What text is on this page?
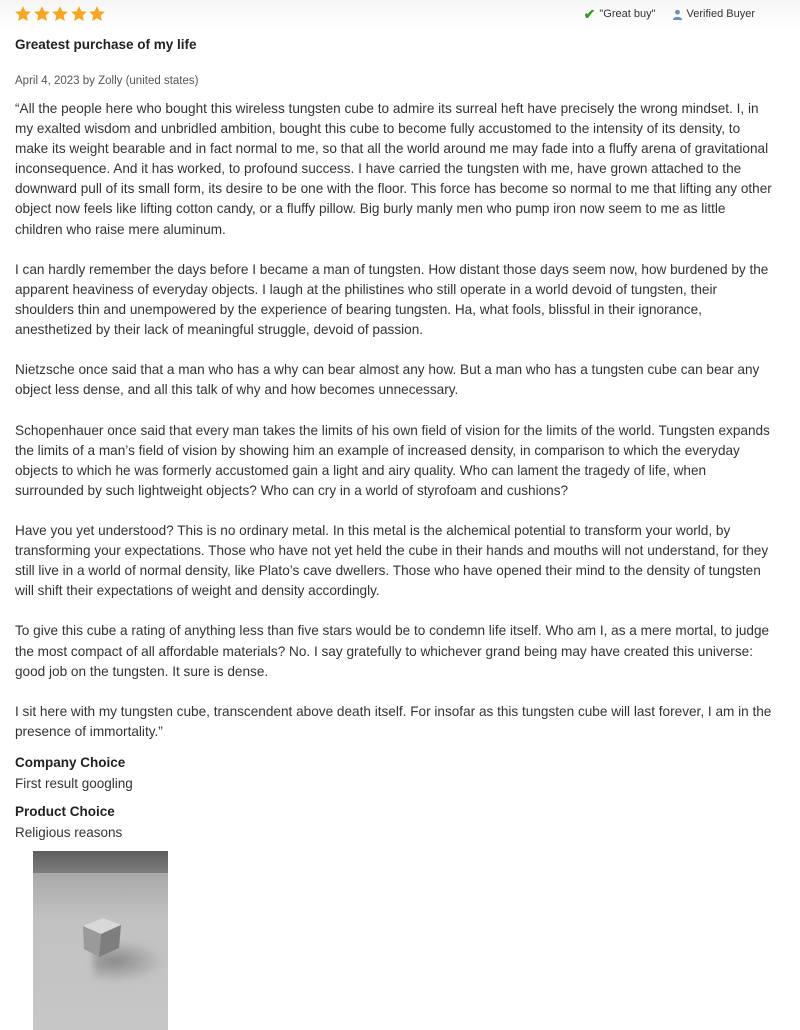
✔ "Great buy"	Verified Buyer
Greatest purchase of my life
April 4, 2023 by Zolly (united states)

“All the people here who bought this wireless tungsten cube to admire its surreal heft have precisely the wrong mindset. I, in my exalted wisdom and unbridled ambition, bought this cube to become fully accustomed to the intensity of its density, to make its weight bearable and in fact normal to me, so that all the world around me may fade into a fluffy arena of gravitational inconsequence. And it has worked, to profound success. I have carried the tungsten with me, have grown attached to the downward pull of its small form, its desire to be one with the floor. This force has become so normal to me that lifting any other object now feels like lifting cotton candy, or a fluffy pillow. Big burly manly men who pump iron now seem to me as little children who raise mere aluminum.

I can hardly remember the days before I became a man of tungsten. How distant those days seem now, how burdened by the apparent heaviness of everyday objects. I laugh at the philistines who still operate in a world devoid of tungsten, their shoulders thin and unempowered by the experience of bearing tungsten. Ha, what fools, blissful in their ignorance, anesthetized by their lack of meaningful struggle, devoid of passion.

Nietzsche once said that a man who has a why can bear almost any how. But a man who has a tungsten cube can bear any object less dense, and all this talk of why and how becomes unnecessary.

Schopenhauer once said that every man takes the limits of his own field of vision for the limits of the world. Tungsten expands the limits of a man’s field of vision by showing him an example of increased density, in comparison to which the everyday objects to which he was formerly accustomed gain a light and airy quality. Who can lament the tragedy of life, when surrounded by such lightweight objects? Who can cry in a world of styrofoam and cushions?

Have you yet understood? This is no ordinary metal. In this metal is the alchemical potential to transform your world, by transforming your expectations. Those who have not yet held the cube in their hands and mouths will not understand, for they still live in a world of normal density, like Plato’s cave dwellers. Those who have opened their mind to the density of tungsten will shift their expectations of weight and density accordingly.

To give this cube a rating of anything less than five stars would be to condemn life itself. Who am I, as a mere mortal, to judge the most compact of all affordable materials? No. I say gratefully to whichever grand being may have created this universe: good job on the tungsten. It sure is dense.

I sit here with my tungsten cube, transcendent above death itself. For insofar as this tungsten cube will last forever, I am in the presence of immortality.”

Company Choice
First result googling
Product Choice
Religious reasons
